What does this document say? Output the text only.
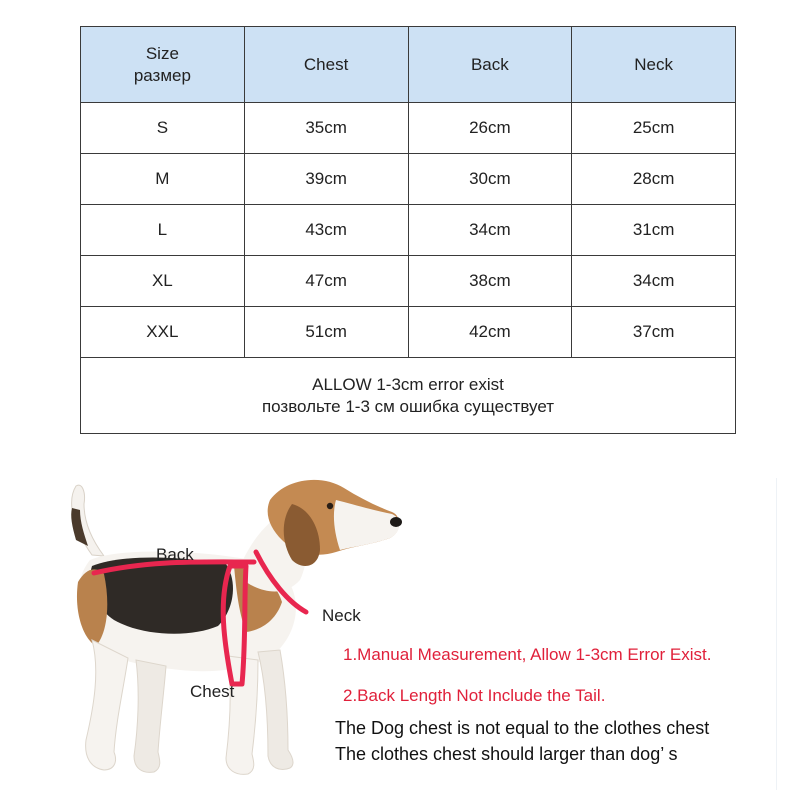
Size
размер	Chest	Back	Neck
S	35cm	26cm	25cm
M	39cm	30cm	28cm
L	43cm	34cm	31cm
XL	47cm	38cm	34cm
XXL	51cm	42cm	37cm

ALLOW 1-3cm error exist
позвольте 1-3 см ошибка существует			
Back
Neck
Chest
1.Manual Measurement, Allow 1-3cm Error Exist.
2.Back Length Not Include the Tail.
The Dog chest is not equal to the clothes chest
The clothes chest should larger than dog’ s
